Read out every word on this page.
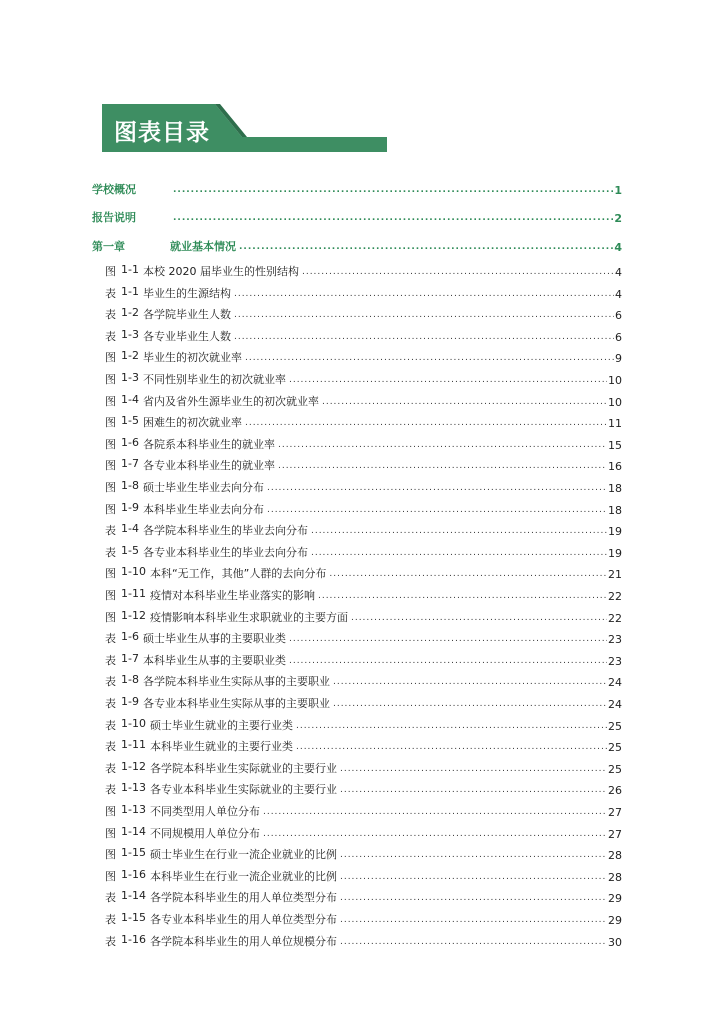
图表目录
学校概况 .....	1
报告说明 .....	2
第一章	就业基本情况 .....	4
图 1-1 本校 2020 届毕业生的性别结构 .....	4
表 1-1 毕业生的生源结构 .....	4
表 1-2 各学院毕业生人数 .....	6
表 1-3 各专业毕业生人数 .....	6
图 1-2 毕业生的初次就业率 .....	9
图 1-3 不同性别毕业生的初次就业率 .....	10
图 1-4 省内及省外生源毕业生的初次就业率 .....	10
图 1-5 困难生的初次就业率 .....	11
图 1-6 各院系本科毕业生的就业率 .....	15
图 1-7 各专业本科毕业生的就业率 .....	16
图 1-8 硕士毕业生毕业去向分布 .....	18
图 1-9 本科毕业生毕业去向分布 .....	18
表 1-4 各学院本科毕业生的毕业去向分布 .....	19
表 1-5 各专业本科毕业生的毕业去向分布 .....	19
图 1-10 本科“无工作，其他”人群的去向分布 .....	21
图 1-11 疫情对本科毕业生毕业落实的影响 .....	22
图 1-12 疫情影响本科毕业生求职就业的主要方面 .....	22
表 1-6 硕士毕业生从事的主要职业类 .....	23
表 1-7 本科毕业生从事的主要职业类 .....	23
表 1-8 各学院本科毕业生实际从事的主要职业 .....	24
表 1-9 各专业本科毕业生实际从事的主要职业 .....	24
表 1-10 硕士毕业生就业的主要行业类 .....	25
表 1-11 本科毕业生就业的主要行业类 .....	25
表 1-12 各学院本科毕业生实际就业的主要行业 .....	25
表 1-13 各专业本科毕业生实际就业的主要行业 .....	26
图 1-13 不同类型用人单位分布 .....	27
图 1-14 不同规模用人单位分布 .....	27
图 1-15 硕士毕业生在行业一流企业就业的比例 .....	28
图 1-16 本科毕业生在行业一流企业就业的比例 .....	28
表 1-14 各学院本科毕业生的用人单位类型分布 .....	29
表 1-15 各专业本科毕业生的用人单位类型分布 .....	29
表 1-16 各学院本科毕业生的用人单位规模分布 .....	30
